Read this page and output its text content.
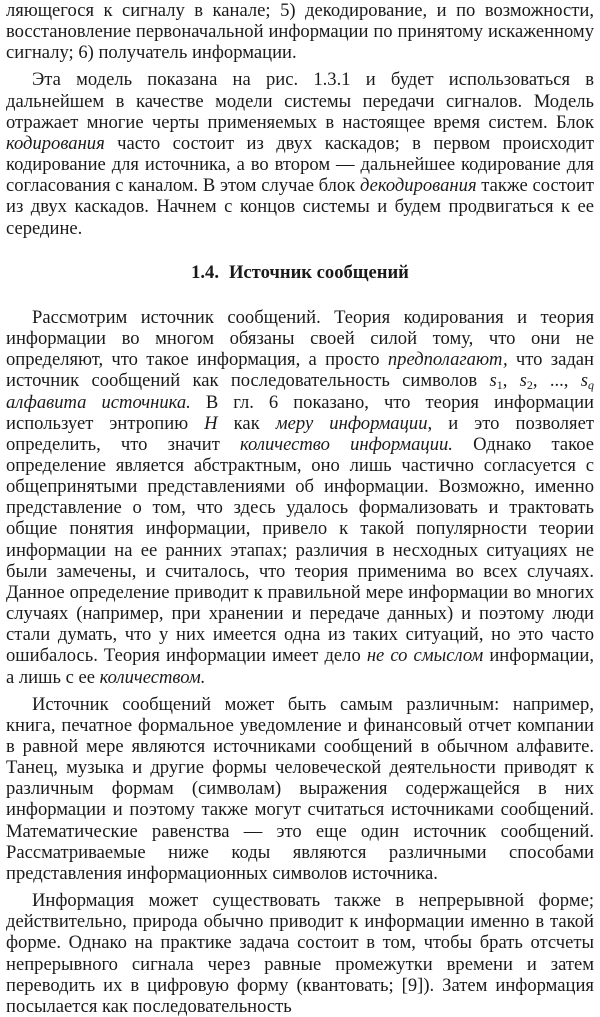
ляющегося к сигналу в канале; 5) декодирование, и по возможности, восстановление первоначальной информации по принятому искаженному сигналу; 6) получатель информации.

Эта модель показана на рис. 1.3.1 и будет использоваться в дальнейшем в качестве модели системы передачи сигналов. Модель отражает многие черты применяемых в настоящее время систем. Блок кодирования часто состоит из двух каскадов; в первом происходит кодирование для источника, а во втором — дальнейшее кодирование для согласования с каналом. В этом случае блок декодирования также состоит из двух каскадов. Начнем с концов системы и будем продвигаться к ее середине.

1.4. Источник сообщений

Рассмотрим источник сообщений. Теория кодирования и теория информации во многом обязаны своей силой тому, что они не определяют, что такое информация, а просто предполагают, что задан источник сообщений как последовательность символов $s_1$, $s_2$, ..., $s_q$ алфавита источника. В гл. 6 показано, что теория информации использует энтропию H как меру информации, и это позволяет определить, что значит количество информации. Однако такое определение является абстрактным, оно лишь частично согласуется с общепринятыми представлениями об информации. Возможно, именно представление о том, что здесь удалось формализовать и трактовать общие понятия информации, привело к такой популярности теории информации на ее ранних этапах; различия в несходных ситуациях не были замечены, и считалось, что теория применима во всех случаях. Данное определение приводит к правильной мере информации во многих случаях (например, при хранении и передаче данных) и поэтому люди стали думать, что у них имеется одна из таких ситуаций, но это часто ошибалось. Теория информации имеет дело не со смыслом информации, а лишь с ее количеством.

Источник сообщений может быть самым различным: например, книга, печатное формальное уведомление и финансовый отчет компании в равной мере являются источниками сообщений в обычном алфавите. Танец, музыка и другие формы человеческой деятельности приводят к различным формам (символам) выражения содержащейся в них информации и поэтому также могут считаться источниками сообщений. Математические равенства — это еще один источник сообщений. Рассматриваемые ниже коды являются различными способами представления информационных символов источника.

Информация может существовать также в непрерывной форме; действительно, природа обычно приводит к информации именно в такой форме. Однако на практике задача состоит в том, чтобы брать отсчеты непрерывного сигнала через равные промежутки времени и затем переводить их в цифровую форму (квантовать; [9]). Затем информация посылается как последовательность
